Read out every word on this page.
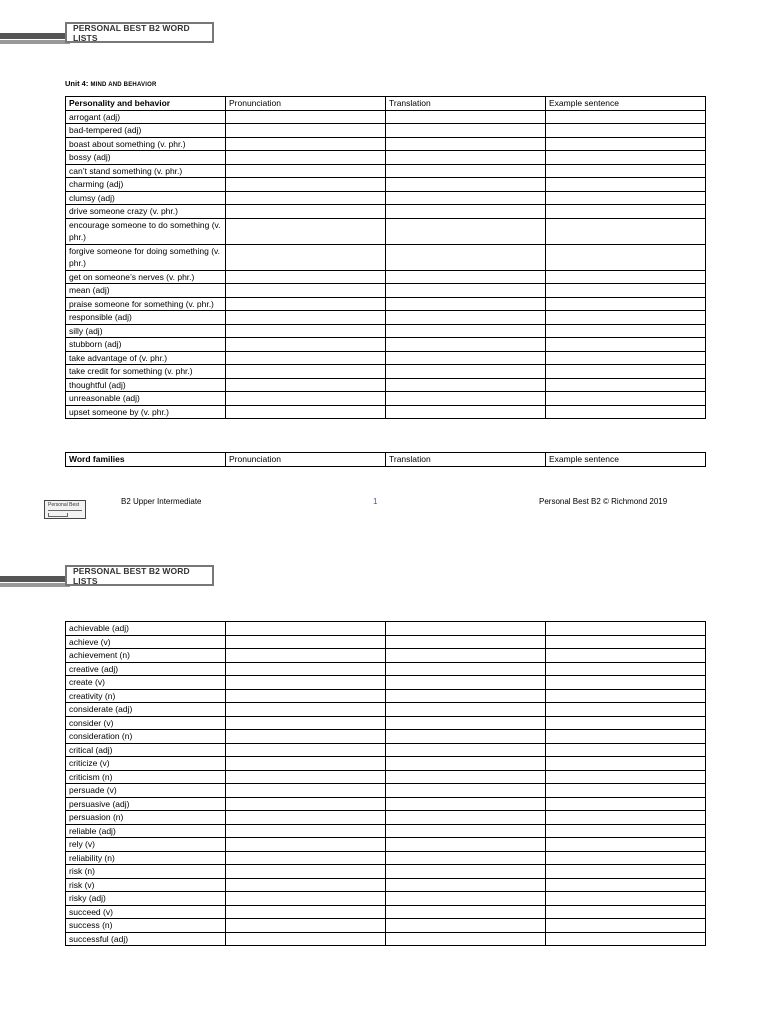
PERSONAL BEST B2 WORD LISTS
Unit 4: MIND AND BEHAVIOR
Personality and behavior	Pronunciation	Translation	Example sentence
arrogant (adj)			
bad-tempered (adj)			
boast about something (v. phr.)			
bossy (adj)			
can’t stand something (v. phr.)			
charming (adj)			
clumsy (adj)			
drive someone crazy (v. phr.)			
encourage someone to do something (v. phr.)			
forgive someone for doing something (v. phr.)			
get on someone’s nerves (v. phr.)			
mean (adj)			
praise someone for something (v. phr.)			
responsible (adj)			
silly (adj)			
stubborn (adj)			
take advantage of (v. phr.)			
take credit for something (v. phr.)			
thoughtful (adj)			
unreasonable (adj)			
upset someone by (v. phr.)			
Word families	Pronunciation	Translation	Example sentence
Personal Best	B2 Upper Intermediate	1	Personal Best B2 © Richmond 2019
PERSONAL BEST B2 WORD LISTS
achievable (adj)			
achieve (v)			
achievement (n)			
creative (adj)			
create (v)			
creativity (n)			
considerate (adj)			
consider (v)			
consideration (n)			
critical (adj)			
criticize (v)			
criticism (n)			
persuade (v)			
persuasive (adj)			
persuasion (n)			
reliable (adj)			
rely (v)			
reliability (n)			
risk (n)			
risk (v)			
risky (adj)			
succeed (v)			
success (n)			
successful (adj)			
